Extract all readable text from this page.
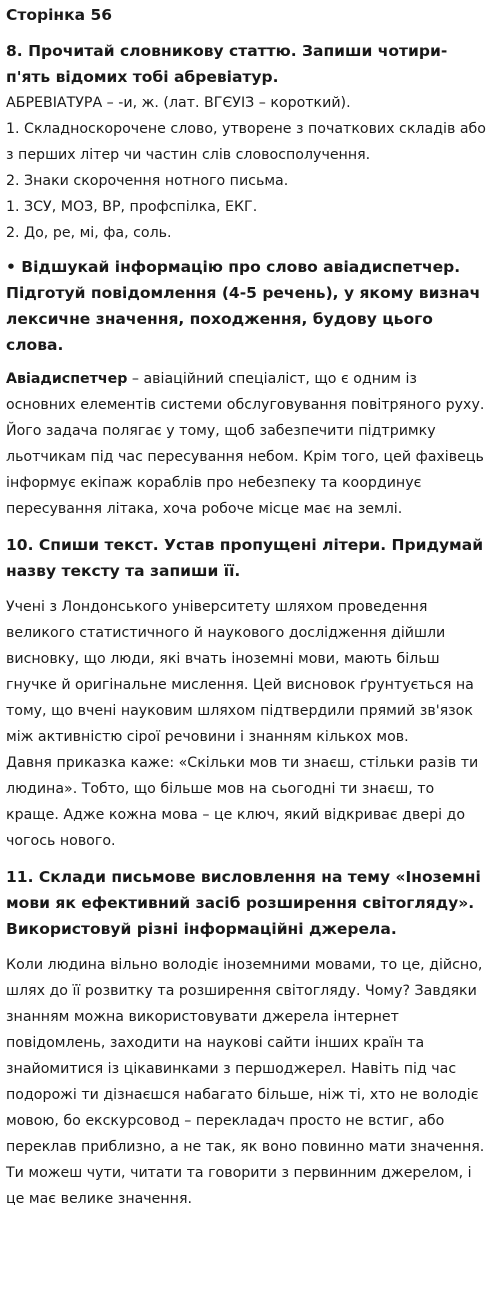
Сторінка 56

8. Прочитай словникову статтю. Запиши чотири-п'ять відомих тобі абревіатур.

АБРЕВІАТУРА – -и, ж. (лат. ВГЄУІЗ – короткий).

1. Складноскорочене слово, утворене з початкових складів або з перших літер чи частин слів словосполучення.

2. Знаки скорочення нотного письма.

1. ЗСУ, МОЗ, ВР, профспілка, ЕКГ.

2. До, ре, мі, фа, соль.

• Відшукай інформацію про слово авіадиспетчер. Підготуй повідомлення (4-5 речень), у якому визнач лексичне значення, походження, будову цього слова.

Авіадиспетчер – авіаційний спеціаліст, що є одним із основних елементів системи обслуговування повітряного руху. Його задача полягає у тому, щоб забезпечити підтримку льотчикам під час пересування небом. Крім того, цей фахівець інформує екіпаж кораблів про небезпеку та координує пересування літака, хоча робоче місце має на землі.

10. Спиши текст. Устав пропущені літери. Придумай назву тексту та запиши її.

Учені з Лондонського університету шляхом проведення великого статистичного й наукового дослідження дійшли висновку, що люди, які вчать іноземні мови, мають більш гнучке й оригінальне мислення. Цей висновок ґрунтується на тому, що вчені науковим шляхом підтвердили прямий зв'язок між активністю сірої речовини і знанням кількох мов.

Давня приказка каже: «Скільки мов ти знаєш, стільки разів ти людина». Тобто, що більше мов на сьогодні ти знаєш, то краще. Адже кожна мова – це ключ, який відкриває двері до чогось нового.

11. Склади письмове висловлення на тему «Іноземні мови як ефективний засіб розширення світогляду». Використовуй різні інформаційні джерела.

Коли людина вільно володіє іноземними мовами, то це, дійсно, шлях до її розвитку та розширення світогляду. Чому? Завдяки знанням можна використовувати джерела інтернет повідомлень, заходити на наукові сайти інших країн та знайомитися із цікавинками з першоджерел. Навіть під час подорожі ти дізнаєшся набагато більше, ніж ті, хто не володіє мовою, бо екскурсовод – перекладач просто не встиг, або переклав приблизно, а не так, як воно повинно мати значення. Ти можеш чути, читати та говорити з первинним джерелом, і це має велике значення.
